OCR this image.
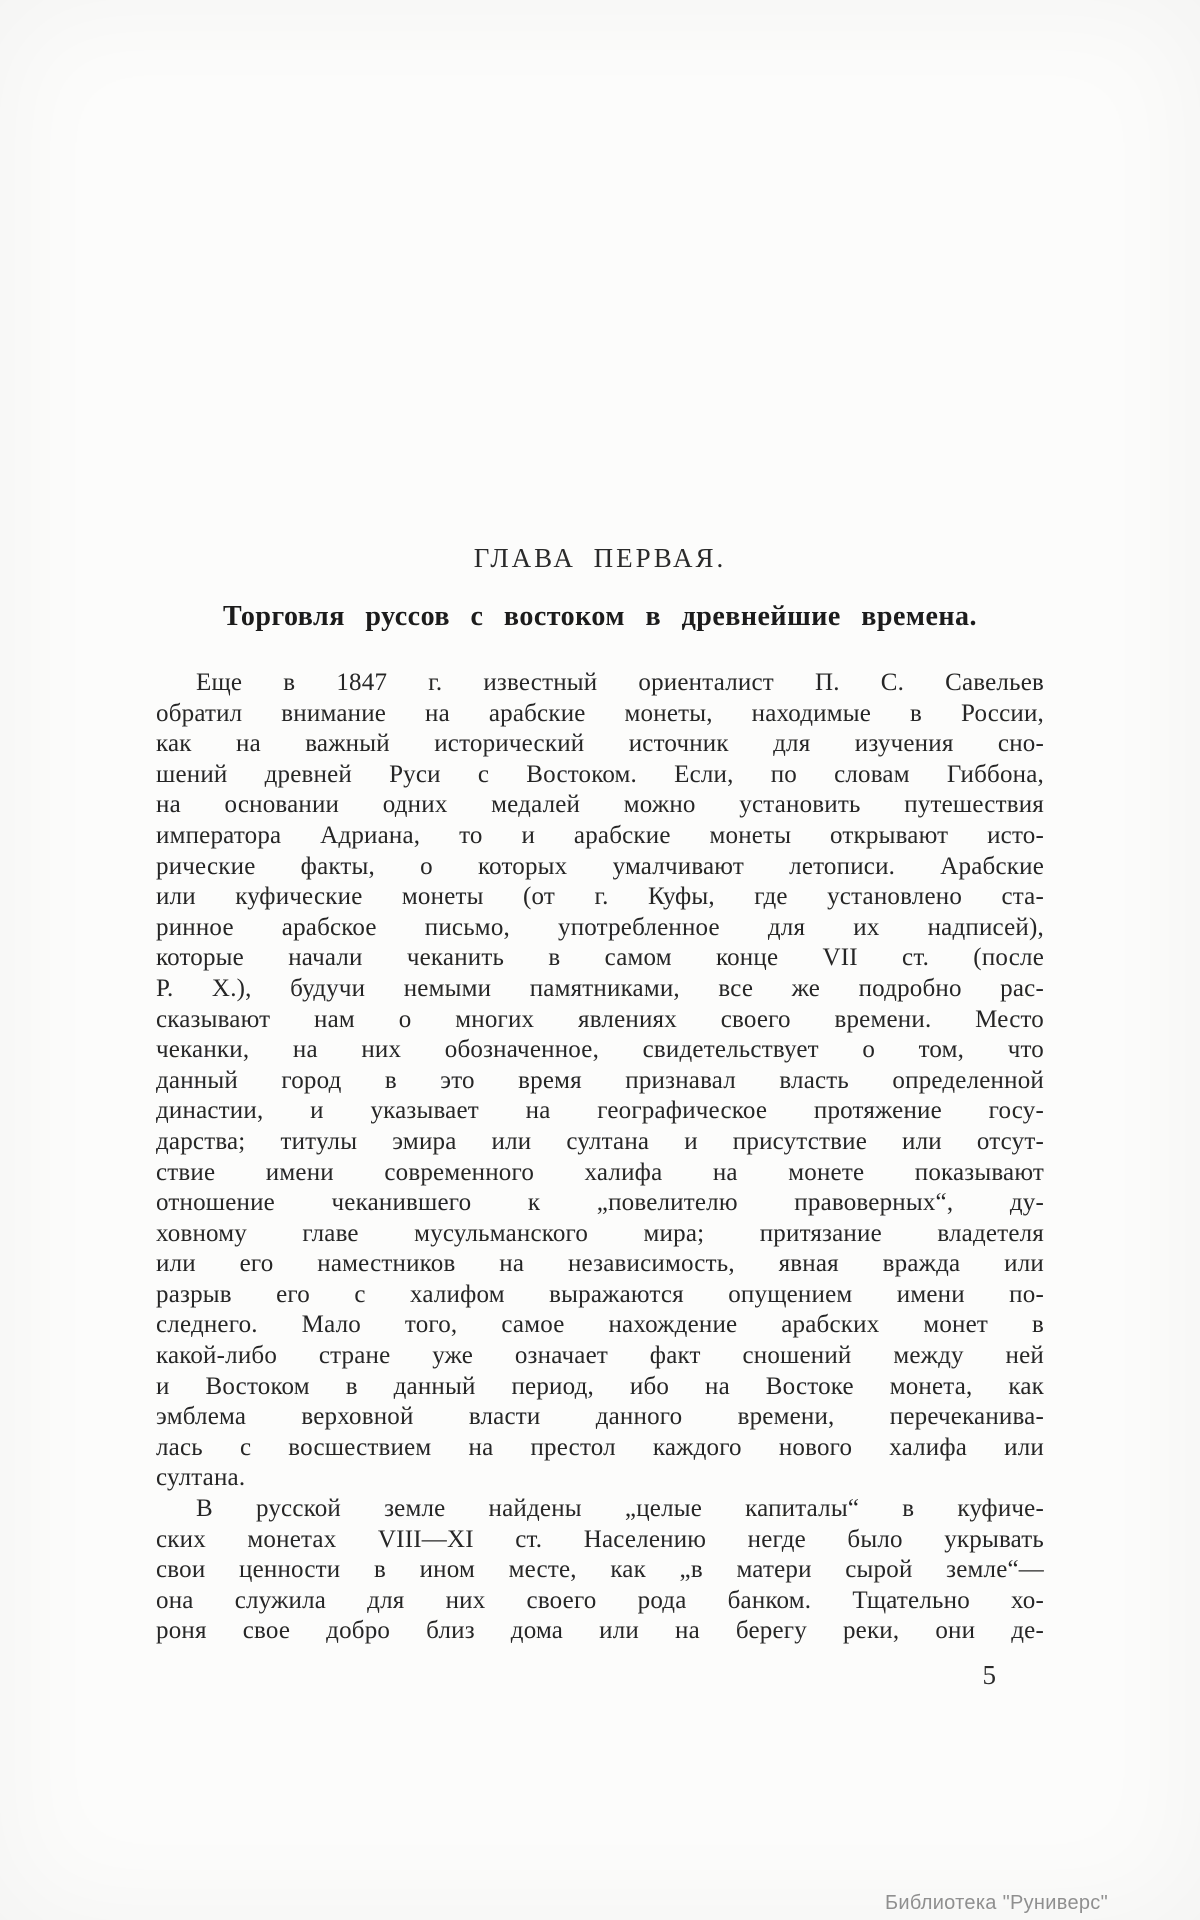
ГЛАВА ПЕРВАЯ.
Торговля руссов с востоком в древнейшие времена.
Еще в 1847 г. известный ориенталист П. С. Савельев
обратил внимание на арабские монеты, находимые в России,
как на важный исторический источник для изучения сно-
шений древней Руси с Востоком. Если, по словам Гиббона,
на основании одних медалей можно установить путешествия
императора Адриана, то и арабские монеты открывают исто-
рические факты, о которых умалчивают летописи. Арабские
или куфические монеты (от г. Куфы, где установлено ста-
ринное арабское письмо, употребленное для их надписей),
которые начали чеканить в самом конце VII ст. (после
Р. Х.), будучи немыми памятниками, все же подробно рас-
сказывают нам о многих явлениях своего времени. Место
чеканки, на них обозначенное, свидетельствует о том, что
данный город в это время признавал власть определенной
династии, и указывает на географическое протяжение госу-
дарства; титулы эмира или султана и присутствие или отсут-
ствие имени современного халифа на монете показывают
отношение чеканившего к „повелителю правоверных“, ду-
ховному главе мусульманского мира; притязание владетеля
или его наместников на независимость, явная вражда или
разрыв его с халифом выражаются опущением имени по-
следнего. Мало того, самое нахождение арабских монет в
какой-либо стране уже означает факт сношений между ней
и Востоком в данный период, ибо на Востоке монета, как
эмблема верховной власти данного времени, перечеканива-
лась с восшествием на престол каждого нового халифа или
султана.
В русской земле найдены „целые капиталы“ в куфиче-
ских монетах VIII—XI ст. Населению негде было укрывать
свои ценности в ином месте, как „в матери сырой земле“—
она служила для них своего рода банком. Тщательно хо-
роня свое добро близ дома или на берегу реки, они де-
5
Библиотека "Руниверс"
